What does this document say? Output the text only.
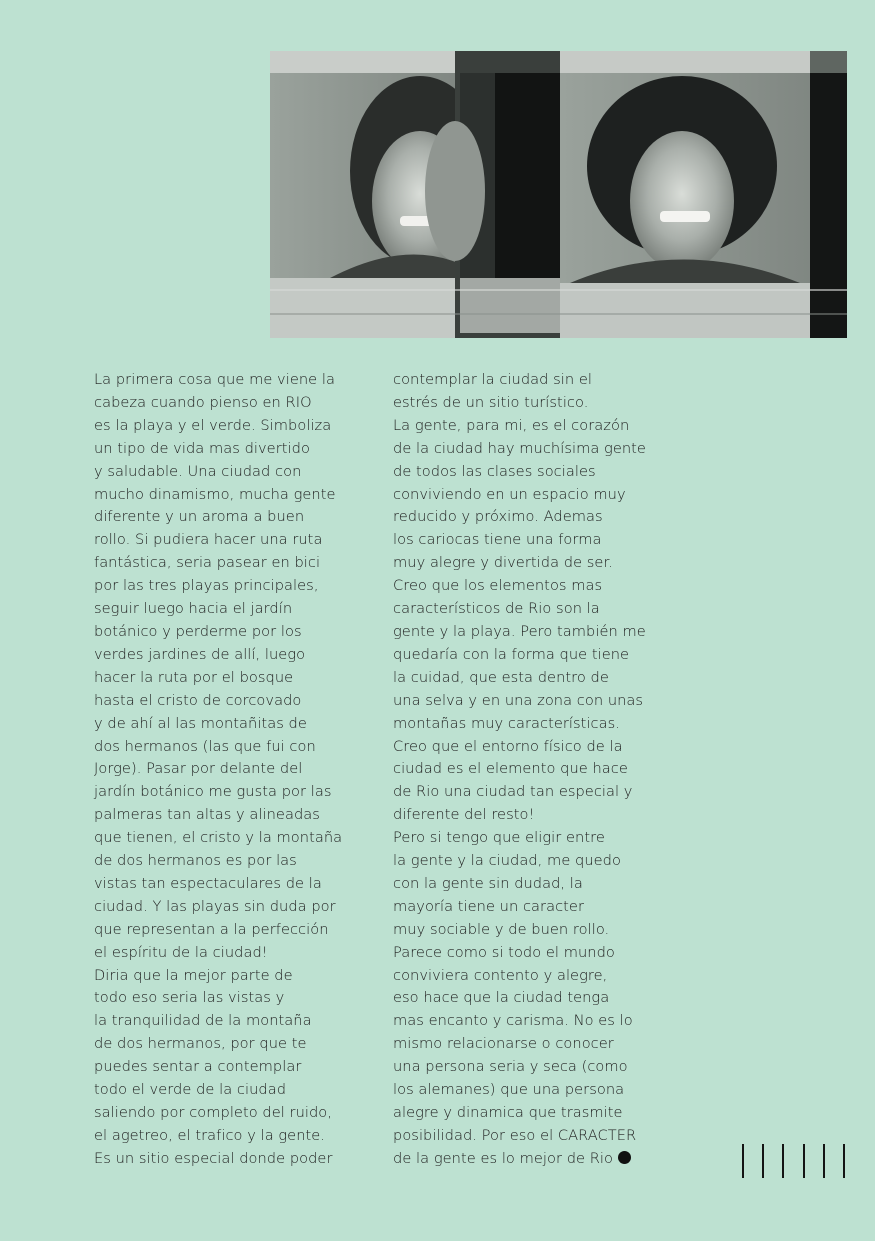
La primera cosa que me viene la
cabeza cuando pienso en RIO
es la playa y el verde. Simboliza
un tipo de vida mas divertido
y saludable. Una ciudad con
mucho dinamismo, mucha gente
diferente y un aroma a buen
rollo. Si pudiera hacer una ruta
fantástica, seria pasear en bici
por las tres playas principales,
seguir luego hacia el jardín
botánico y perderme por los
verdes jardines de allí, luego
hacer la ruta por el bosque
hasta el cristo de corcovado
y de ahí al las montañitas de
dos hermanos (las que fui con
Jorge). Pasar por delante del
jardín botánico me gusta por las
palmeras tan altas y alineadas
que tienen, el cristo y la montaña
de dos hermanos es por las
vistas tan espectaculares de la
ciudad. Y las playas sin duda por
que representan a la perfección
el espíritu de la ciudad!
Diria que la mejor parte de
todo eso seria las vistas y
la tranquilidad de la montaña
de dos hermanos, por que te
puedes sentar a contemplar
todo el verde de la ciudad
saliendo por completo del ruido,
el agetreo, el trafico y la gente.
Es un sitio especial donde poder
contemplar la ciudad sin el
estrés de un sitio turístico.
La gente, para mi, es el corazón
de la ciudad hay muchísima gente
de todos las clases sociales
conviviendo en un espacio muy
reducido y próximo. Ademas
los cariocas tiene una forma
muy alegre y divertida de ser.
Creo que los elementos mas
característicos de Rio son la
gente y la playa. Pero también me
quedaría con la forma que tiene
la cuidad, que esta dentro de
una selva y en una zona con unas
montañas muy características.
Creo que el entorno físico de la
ciudad es el elemento que hace
de Rio una ciudad tan especial y
diferente del resto!
Pero si tengo que eligir entre
la gente y la ciudad, me quedo
con la gente sin dudad, la
mayoría tiene un caracter
muy sociable y de buen rollo.
Parece como si todo el mundo
conviviera contento y alegre,
eso hace que la ciudad tenga
mas encanto y carisma. No es lo
mismo relacionarse o conocer
una persona seria y seca (como
los alemanes) que una persona
alegre y dinamica que trasmite
posibilidad. Por eso el CARACTER
de la gente es lo mejor de Rio
